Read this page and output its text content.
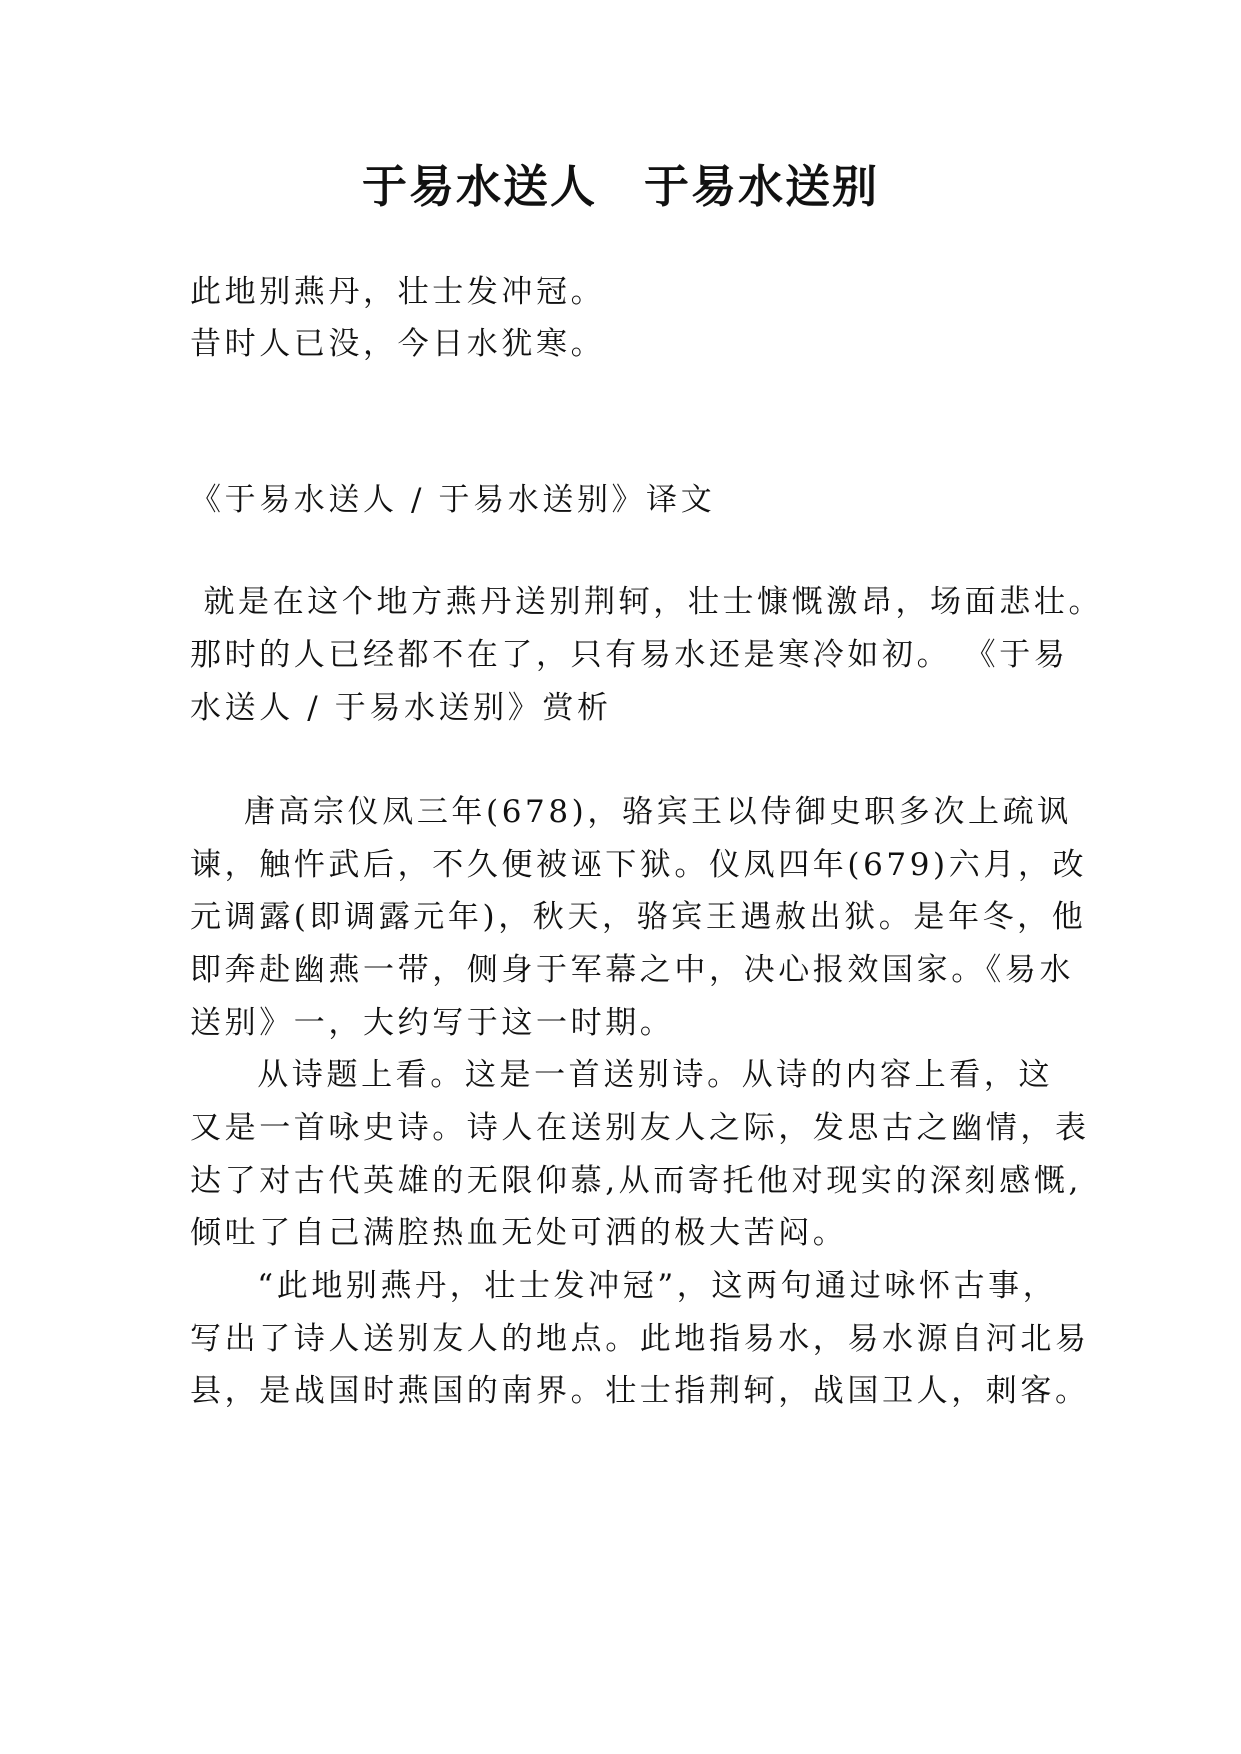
于易水送人　于易水送别
此地别燕丹，壮士发冲冠。
昔时人已没，今日水犹寒。
《于易水送人 / 于易水送别》译文
就是在这个地方燕丹送别荆轲，壮士慷慨激昂，场面悲壮。
那时的人已经都不在了，只有易水还是寒冷如初。 《于易
水送人 / 于易水送别》赏析
唐高宗仪凤三年(678)，骆宾王以侍御史职多次上疏讽
谏，触忤武后，不久便被诬下狱。仪凤四年(679)六月，改
元调露(即调露元年)，秋天，骆宾王遇赦出狱。是年冬，他
即奔赴幽燕一带，侧身于军幕之中，决心报效国家。《易水
送别》一，大约写于这一时期。
从诗题上看。这是一首送别诗。从诗的内容上看，这
又是一首咏史诗。诗人在送别友人之际，发思古之幽情，表
达了对古代英雄的无限仰慕,从而寄托他对现实的深刻感慨,
倾吐了自己满腔热血无处可洒的极大苦闷。
“此地别燕丹，壮士发冲冠”，这两句通过咏怀古事，
写出了诗人送别友人的地点。此地指易水，易水源自河北易
县，是战国时燕国的南界。壮士指荆轲，战国卫人，刺客。
